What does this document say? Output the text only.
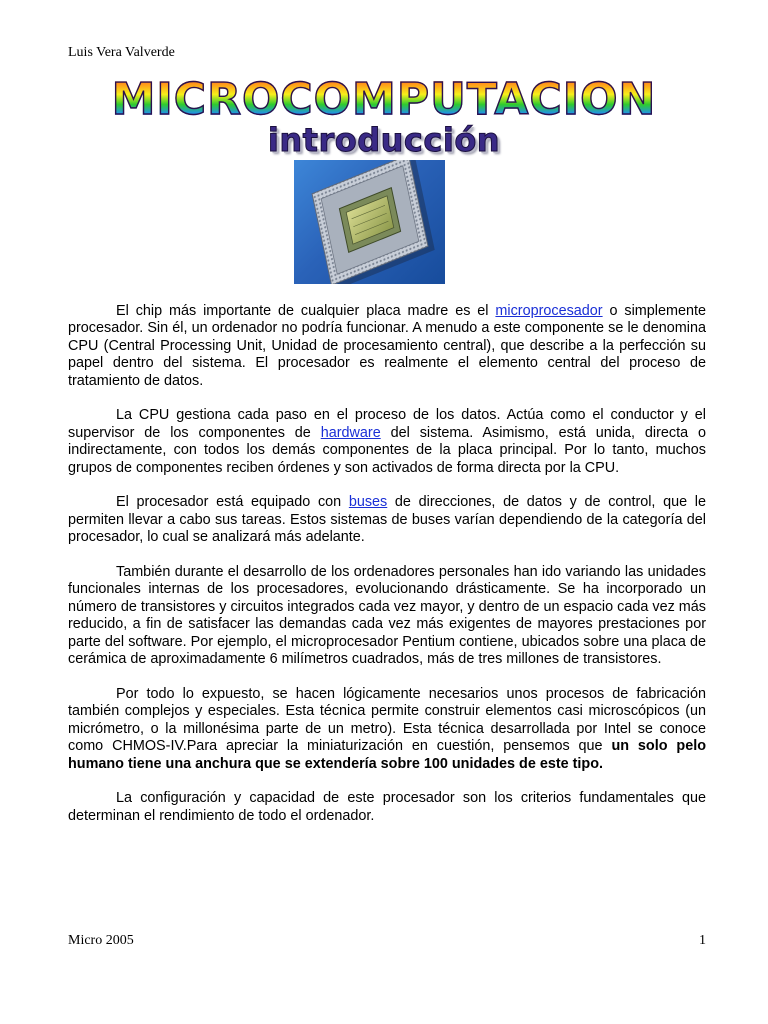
Luis Vera Valverde
MICROCOMPUTACION
introducción

El chip más importante de cualquier placa madre es el microprocesador o simplemente procesador. Sin él, un ordenador no podría funcionar. A menudo a este componente se le denomina CPU (Central Processing Unit, Unidad de procesamiento central), que describe a la perfección su papel dentro del sistema. El procesador es realmente el elemento central del proceso de tratamiento de datos.

La CPU gestiona cada paso en el proceso de los datos. Actúa como el conductor y el supervisor de los componentes de hardware del sistema. Asimismo, está unida, directa o indirectamente, con todos los demás componentes de la placa principal. Por lo tanto, muchos grupos de componentes reciben órdenes y son activados de forma directa por la CPU.

El procesador está equipado con buses de direcciones, de datos y de control, que le permiten llevar a cabo sus tareas. Estos sistemas de buses varían dependiendo de la categoría del procesador, lo cual se analizará más adelante.

También durante el desarrollo de los ordenadores personales han ido variando las unidades funcionales internas de los procesadores, evolucionando drásticamente. Se ha incorporado un número de transistores y circuitos integrados cada vez mayor, y dentro de un espacio cada vez más reducido, a fin de satisfacer las demandas cada vez más exigentes de mayores prestaciones por parte del software. Por ejemplo, el microprocesador Pentium contiene, ubicados sobre una placa de cerámica de aproximadamente 6 milímetros cuadrados, más de tres millones de transistores.

Por todo lo expuesto, se hacen lógicamente necesarios unos procesos de fabricación también complejos y especiales. Esta técnica permite construir elementos casi microscópicos (un micrómetro, o la millonésima parte de un metro). Esta técnica desarrollada por Intel se conoce como CHMOS-IV.Para apreciar la miniaturización en cuestión, pensemos que un solo pelo humano tiene una anchura que se extendería sobre 100 unidades de este tipo.

La configuración y capacidad de este procesador son los criterios fundamentales que determinan el rendimiento de todo el ordenador.

Micro 2005	1
